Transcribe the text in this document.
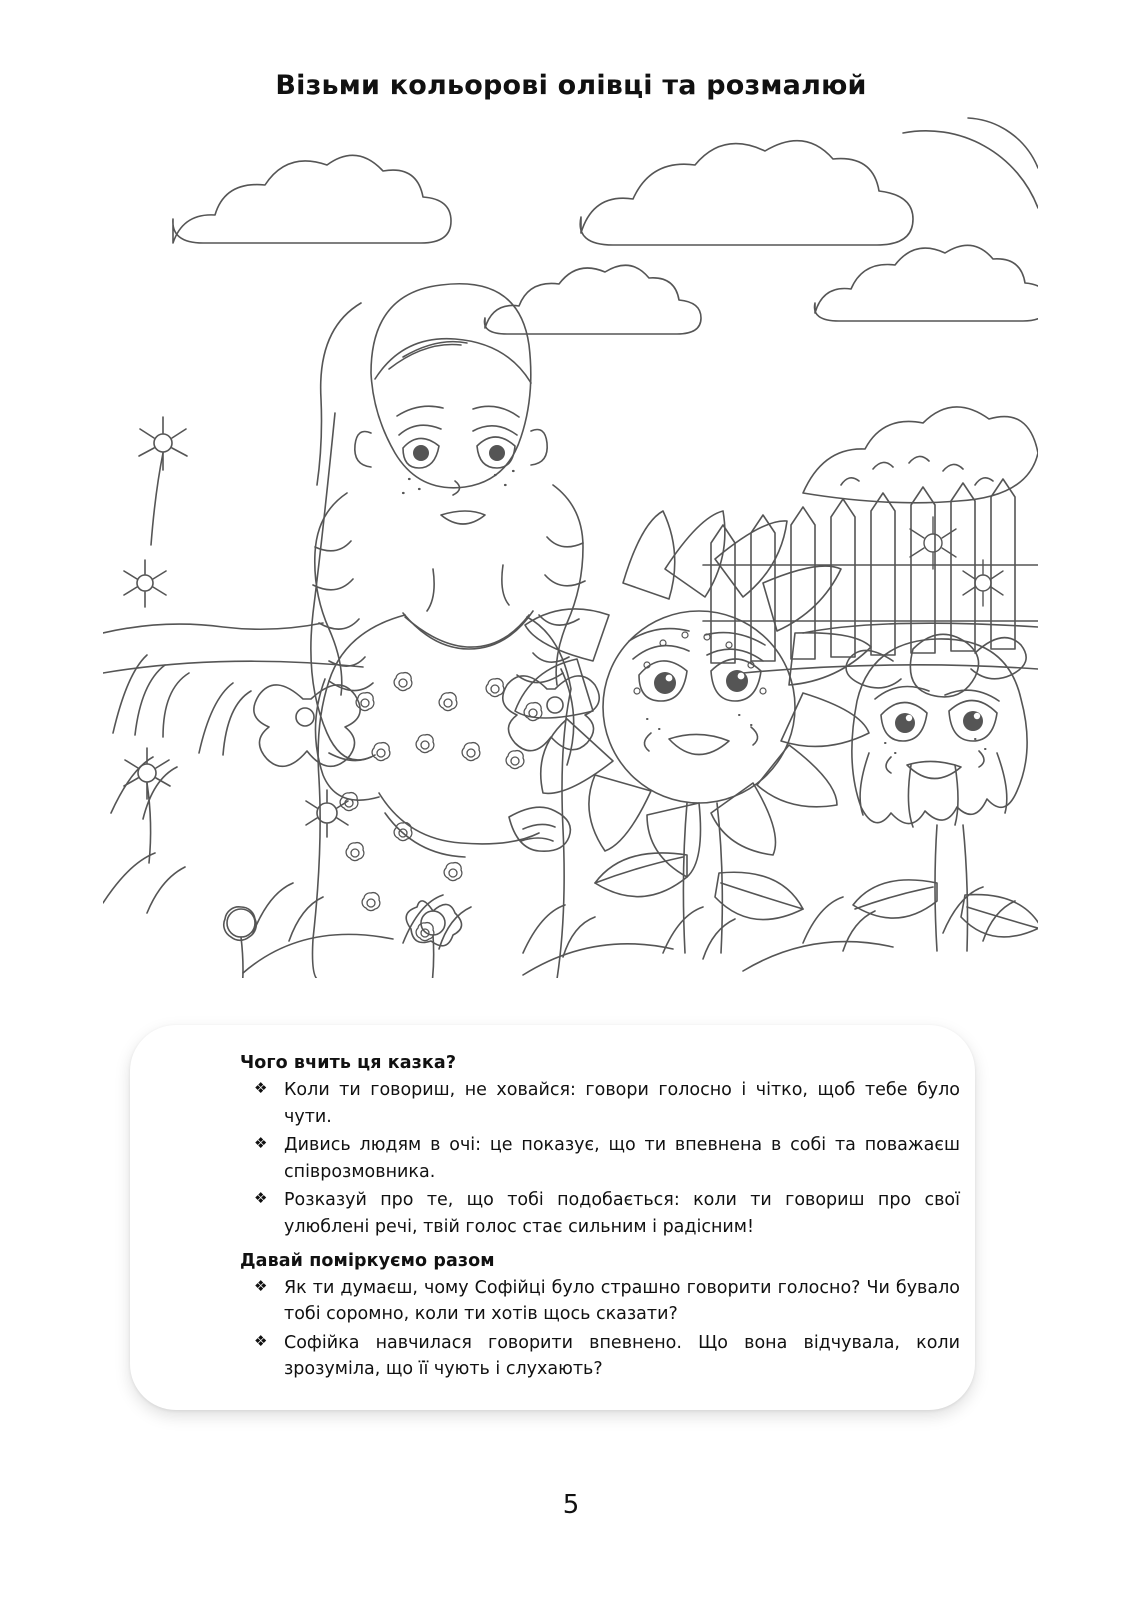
Візьми кольорові олівці та розмалюй
Чого вчить ця казка?
❖ Коли ти говориш, не ховайся: говори голосно і чітко, щоб тебе було чути.
❖ Дивись людям в очі: це показує, що ти впевнена в собі та поважаєш співрозмовника.
❖ Розказуй про те, що тобі подобається: коли ти говориш про свої улюблені речі, твій голос стає сильним і радісним!
Давай поміркуємо разом
❖ Як ти думаєш, чому Софійці було страшно говорити голосно? Чи бувало тобі соромно, коли ти хотів щось сказати?
❖ Софійка навчилася говорити впевнено. Що вона відчувала, коли зрозуміла, що її чують і слухають?
5
